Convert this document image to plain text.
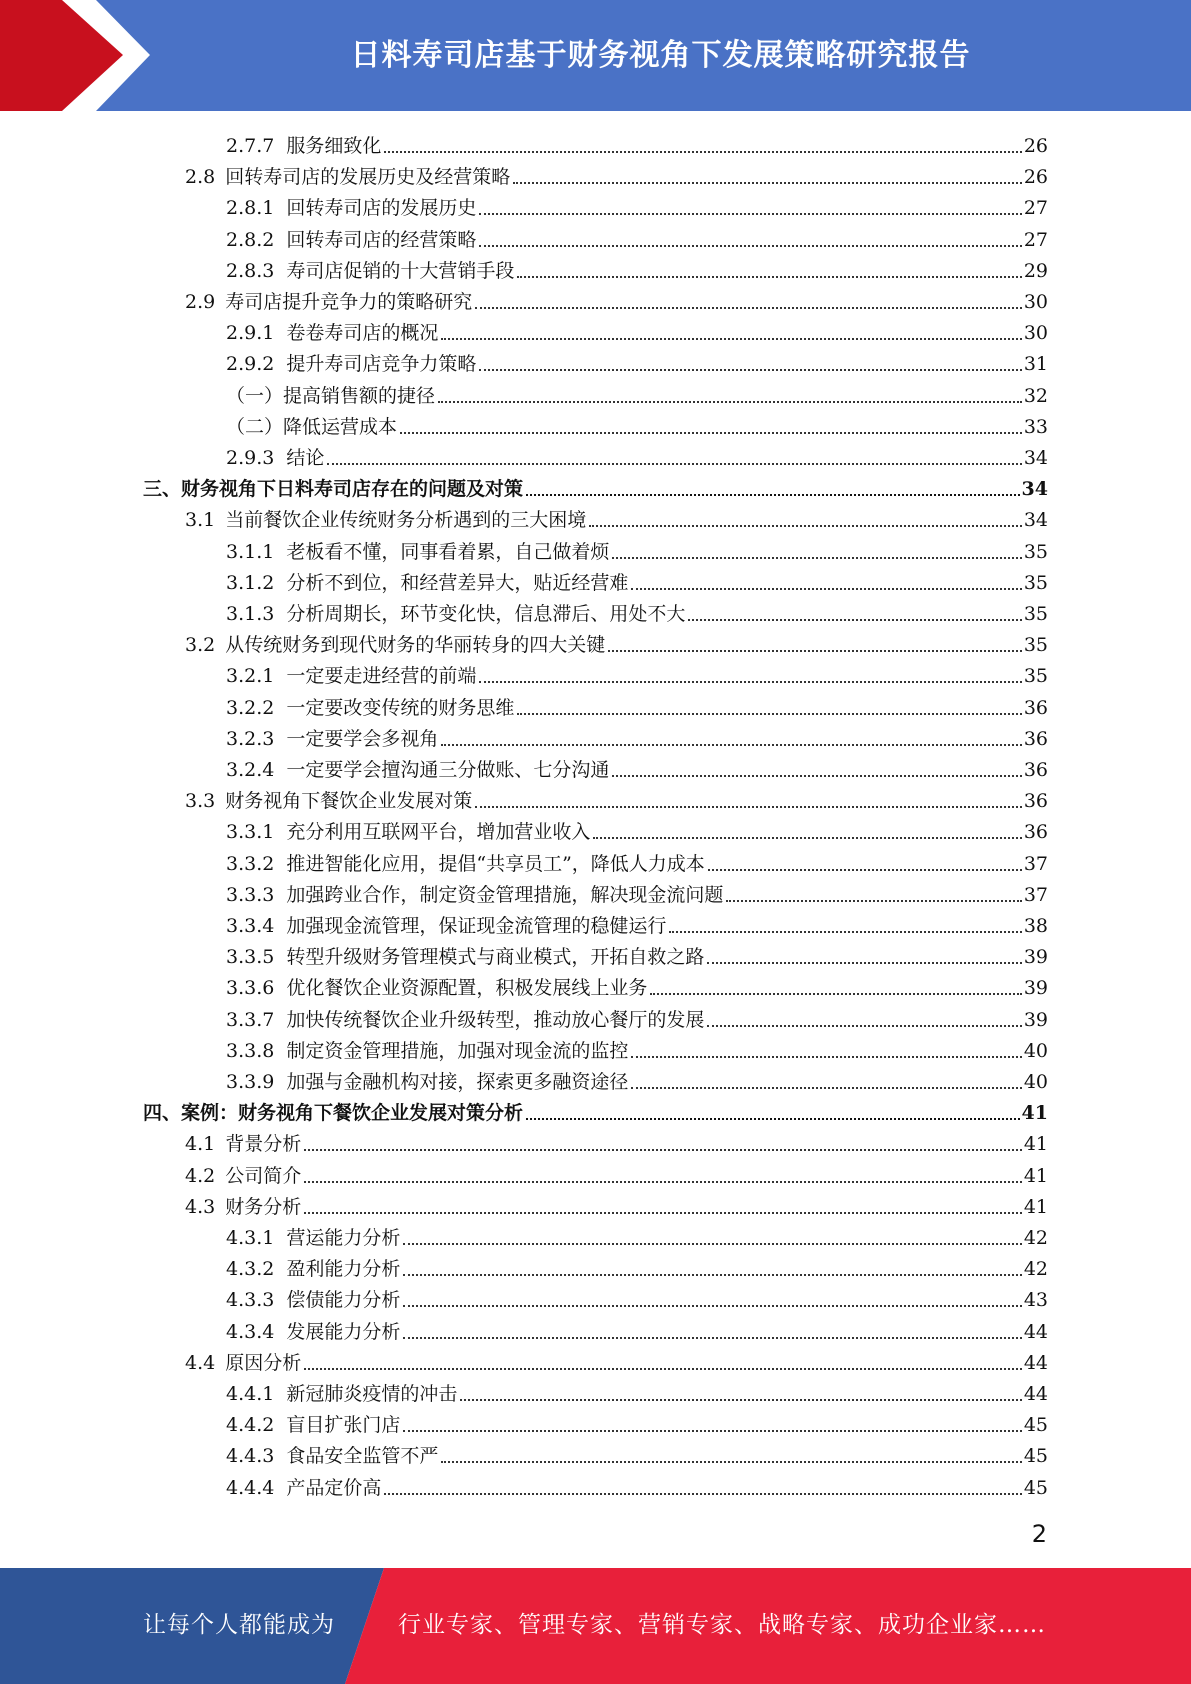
日料寿司店基于财务视角下发展策略研究报告
2.7.7 服务细致化	26
2.8 回转寿司店的发展历史及经营策略	26
2.8.1 回转寿司店的发展历史	27
2.8.2 回转寿司店的经营策略	27
2.8.3 寿司店促销的十大营销手段	29
2.9 寿司店提升竞争力的策略研究	30
2.9.1 卷卷寿司店的概况	30
2.9.2 提升寿司店竞争力策略	31
（一）提高销售额的捷径	32
（二）降低运营成本	33
2.9.3 结论	34
三、财务视角下日料寿司店存在的问题及对策	34
3.1 当前餐饮企业传统财务分析遇到的三大困境	34
3.1.1 老板看不懂，同事看着累，自己做着烦	35
3.1.2 分析不到位，和经营差异大，贴近经营难	35
3.1.3 分析周期长，环节变化快，信息滞后、用处不大	35
3.2 从传统财务到现代财务的华丽转身的四大关键	35
3.2.1 一定要走进经营的前端	35
3.2.2 一定要改变传统的财务思维	36
3.2.3 一定要学会多视角	36
3.2.4 一定要学会擅沟通三分做账、七分沟通	36
3.3 财务视角下餐饮企业发展对策	36
3.3.1 充分利用互联网平台，增加营业收入	36
3.3.2 推进智能化应用，提倡“共享员工”，降低人力成本	37
3.3.3 加强跨业合作，制定资金管理措施，解决现金流问题	37
3.3.4 加强现金流管理，保证现金流管理的稳健运行	38
3.3.5 转型升级财务管理模式与商业模式，开拓自救之路	39
3.3.6 优化餐饮企业资源配置，积极发展线上业务	39
3.3.7 加快传统餐饮企业升级转型，推动放心餐厅的发展	39
3.3.8 制定资金管理措施，加强对现金流的监控	40
3.3.9 加强与金融机构对接，探索更多融资途径	40
四、案例：财务视角下餐饮企业发展对策分析	41
4.1 背景分析	41
4.2 公司简介	41
4.3 财务分析	41
4.3.1 营运能力分析	42
4.3.2 盈利能力分析	42
4.3.3 偿债能力分析	43
4.3.4 发展能力分析	44
4.4 原因分析	44
4.4.1 新冠肺炎疫情的冲击	44
4.4.2 盲目扩张门店	45
4.4.3 食品安全监管不严	45
4.4.4 产品定价高	45
2
让每个人都能成为	行业专家、管理专家、营销专家、战略专家、成功企业家……
